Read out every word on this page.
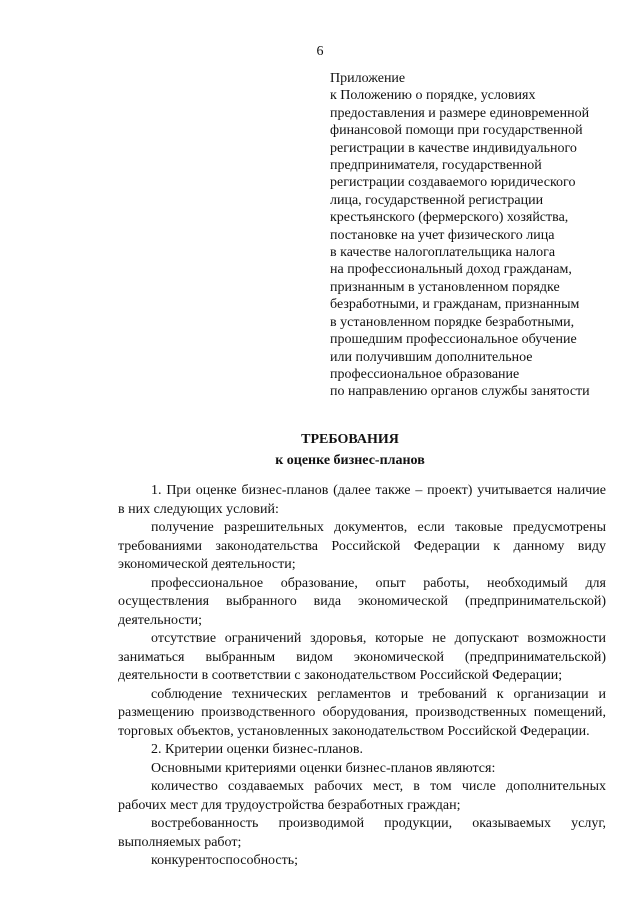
6
Приложение
к Положению о порядке, условиях
предоставления и размере единовременной
финансовой помощи при государственной
регистрации в качестве индивидуального
предпринимателя, государственной
регистрации создаваемого юридического
лица, государственной регистрации
крестьянского (фермерского) хозяйства,
постановке на учет физического лица
в качестве налогоплательщика налога
на профессиональный доход гражданам,
признанным в установленном порядке
безработными, и гражданам, признанным
в установленном порядке безработными,
прошедшим профессиональное обучение
или получившим дополнительное
профессиональное образование
по направлению органов службы занятости
ТРЕБОВАНИЯ
к оценке бизнес-планов
1. При оценке бизнес-планов (далее также – проект) учитывается наличие
в них следующих условий:
получение разрешительных документов, если таковые предусмотрены
требованиями законодательства Российской Федерации к данному виду
экономической деятельности;
профессиональное образование, опыт работы, необходимый для
осуществления выбранного вида экономической (предпринимательской)
деятельности;
отсутствие ограничений здоровья, которые не допускают возможности
заниматься выбранным видом экономической (предпринимательской)
деятельности в соответствии с законодательством Российской Федерации;
соблюдение технических регламентов и требований к организации и
размещению производственного оборудования, производственных помещений,
торговых объектов, установленных законодательством Российской Федерации.
2. Критерии оценки бизнес-планов.
Основными критериями оценки бизнес-планов являются:
количество создаваемых рабочих мест, в том числе дополнительных
рабочих мест для трудоустройства безработных граждан;
востребованность производимой продукции, оказываемых услуг,
выполняемых работ;
конкурентоспособность;
